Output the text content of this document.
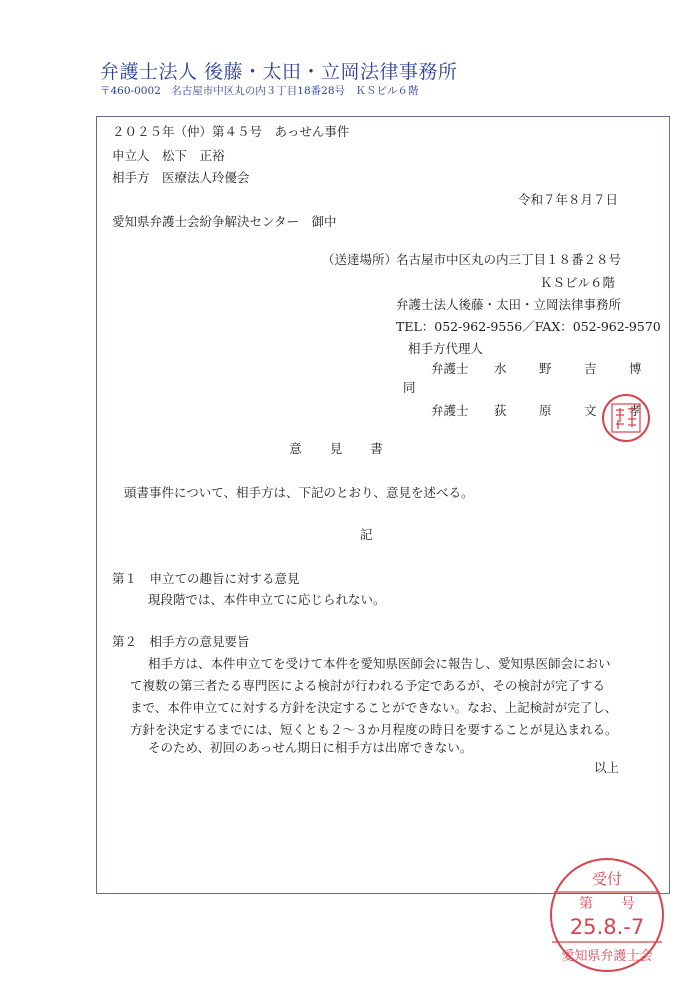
弁護士法人 後藤・太田・立岡法律事務所
〒460-0002　名古屋市中区丸の内３丁目18番28号　ＫＳビル６階
２０２５年（仲）第４５号　あっせん事件
申立人　松下　正裕
相手方　医療法人玲優会
令和７年８月７日
愛知県弁護士会紛争解決センター　御中
（送達場所）
名古屋市中区丸の内三丁目１８番２８号
ＫＳビル６階
弁護士法人後藤・太田・立岡法律事務所
TEL：052-962-9556／FAX：052-962-9570
相手方代理人
弁護士 水　野　吉　博
同
弁護士 荻　原　文　孝
意見書
頭書事件について、相手方は、下記のとおり、意見を述べる。
記
第１　申立ての趣旨に対する意見
現段階では、本件申立てに応じられない。
第２　相手方の意見要旨
相手方は、本件申立てを受けて本件を愛知県医師会に報告し、愛知県医師会におい
て複数の第三者たる専門医による検討が行われる予定であるが、その検討が完了する
まで、本件申立てに対する方針を決定することができない。なお、上記検討が完了し、
方針を決定するまでには、短くとも２～３か月程度の時日を要することが見込まれる。
そのため、初回のあっせん期日に相手方は出席できない。
以上
受付
第　　号
25.8.-7
愛知県弁護士会
